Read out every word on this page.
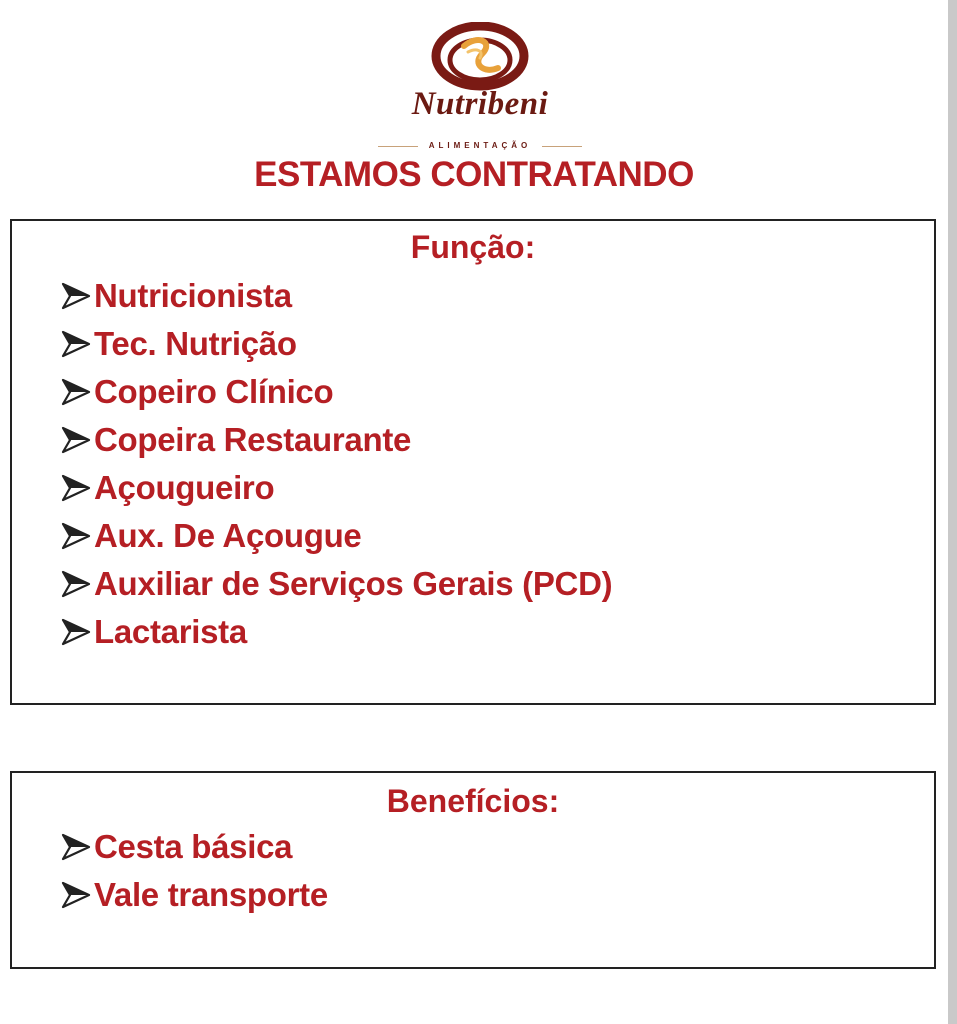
Nutribeni
ALIMENTAÇÃO
ESTAMOS CONTRATANDO
Função:
Nutricionista
Tec. Nutrição
Copeiro Clínico
Copeira Restaurante
Açougueiro
Aux. De Açougue
Auxiliar de Serviços Gerais (PCD)
Lactarista
Benefícios:
Cesta básica
Vale transporte
